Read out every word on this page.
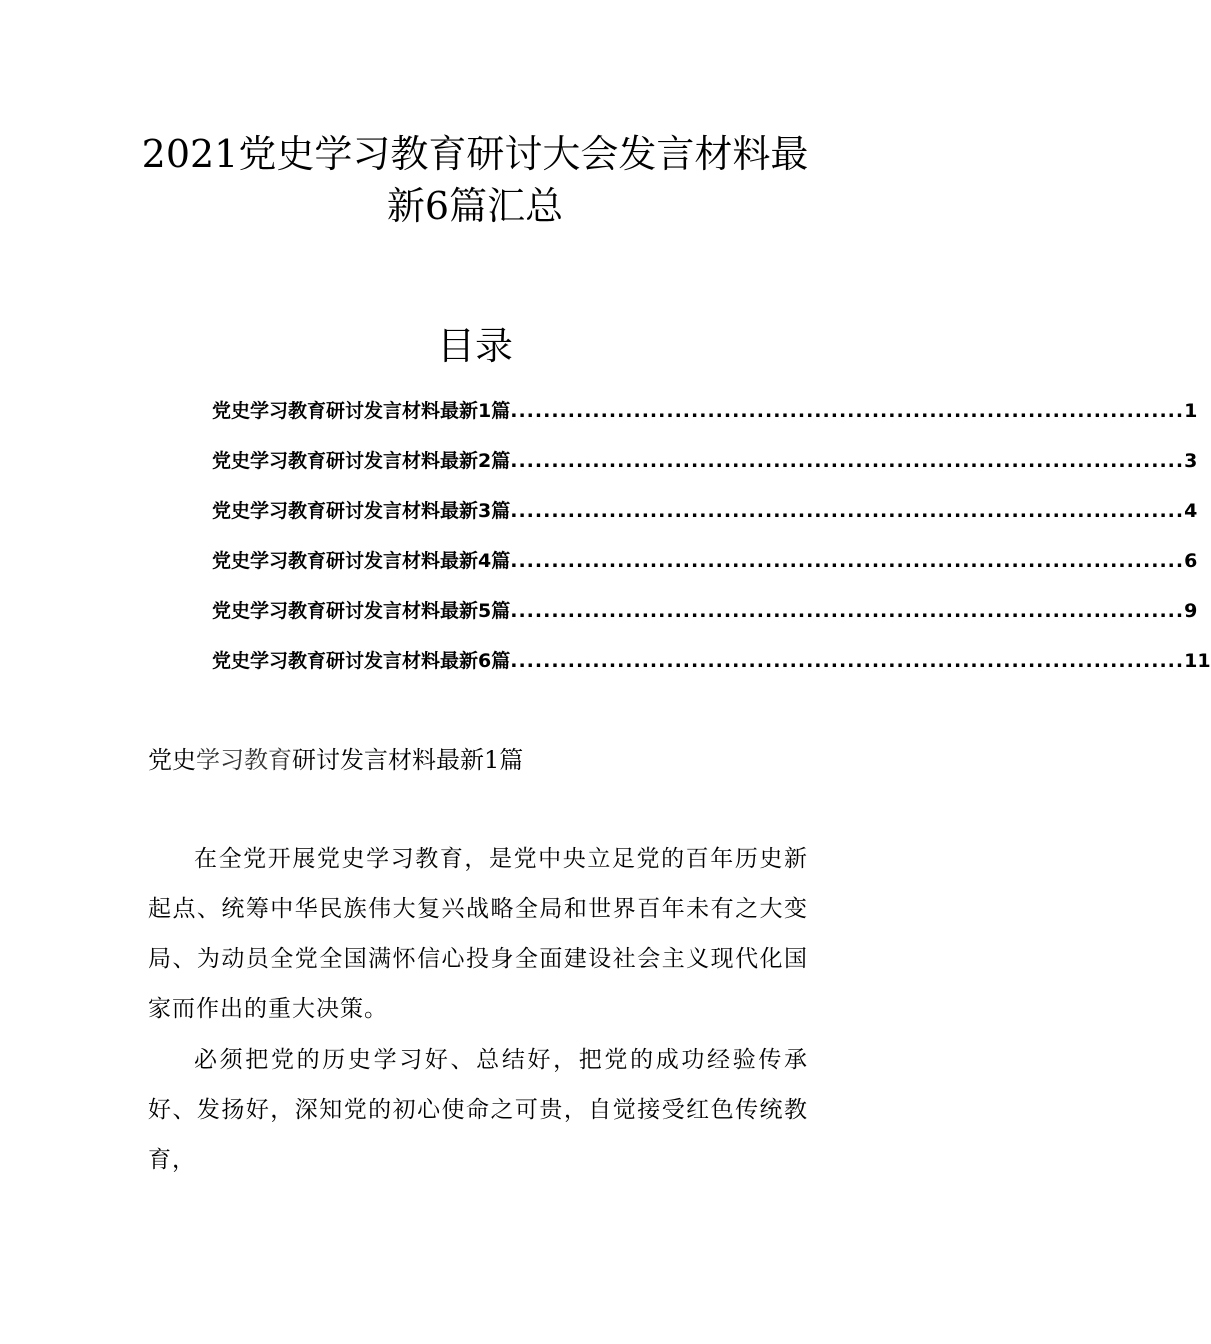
2021党史学习教育研讨大会发言材料最
新6篇汇总
目录
党史学习教育研讨发言材料最新1篇 .................................................................................. 1
党史学习教育研讨发言材料最新2篇 .................................................................................. 3
党史学习教育研讨发言材料最新3篇 .................................................................................. 4
党史学习教育研讨发言材料最新4篇 .................................................................................. 6
党史学习教育研讨发言材料最新5篇 .................................................................................. 9
党史学习教育研讨发言材料最新6篇 .................................................................................. 11
党史学习教育研讨发言材料最新1篇
在全党开展党史学习教育，是党中央立足党的百年历史新起点、统筹中华民族伟大复兴战略全局和世界百年未有之大变局、为动员全党全国满怀信心投身全面建设社会主义现代化国家而作出的重大决策。
必须把党的历史学习好、总结好，把党的成功经验传承好、发扬好，深知党的初心使命之可贵，自觉接受红色传统教育，
